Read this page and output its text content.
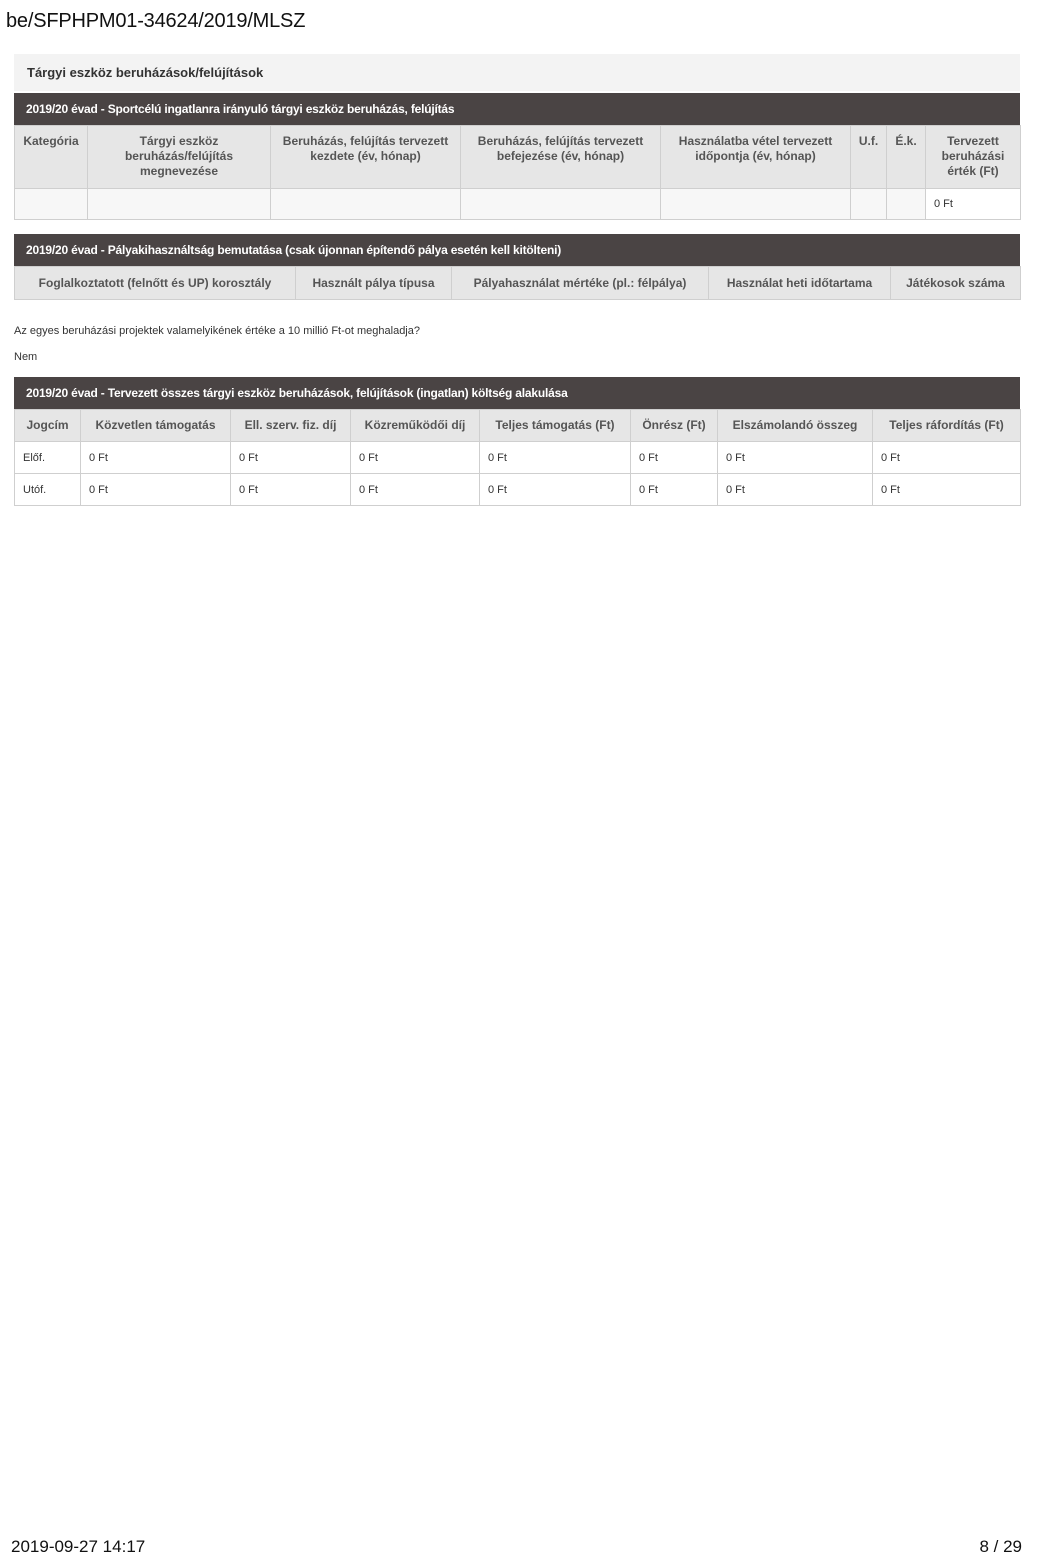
be/SFPHPM01-34624/2019/MLSZ
Tárgyi eszköz beruházások/felújítások
2019/20 évad - Sportcélú ingatlanra irányuló tárgyi eszköz beruházás, felújítás
Kategória	Tárgyi eszköz beruházás/felújítás megnevezése	Beruházás, felújítás tervezett kezdete (év, hónap)	Beruházás, felújítás tervezett befejezése (év, hónap)	Használatba vétel tervezett időpontja (év, hónap)	U.f.	É.k.	Tervezett beruházási érték (Ft)
							0 Ft
2019/20 évad - Pályakihasználtság bemutatása (csak újonnan építendő pálya esetén kell kitölteni)
Foglalkoztatott (felnőtt és UP) korosztály	Használt pálya típusa	Pályahasználat mértéke (pl.: félpálya)	Használat heti időtartama	Játékosok száma
Az egyes beruházási projektek valamelyikének értéke a 10 millió Ft-ot meghaladja?
Nem
2019/20 évad - Tervezett összes tárgyi eszköz beruházások, felújítások (ingatlan) költség alakulása
Jogcím	Közvetlen támogatás	Ell. szerv. fiz. díj	Közreműködői díj	Teljes támogatás (Ft)	Önrész (Ft)	Elszámolandó összeg	Teljes ráfordítás (Ft)
Előf.	0 Ft	0 Ft	0 Ft	0 Ft	0 Ft	0 Ft	0 Ft
Utóf.	0 Ft	0 Ft	0 Ft	0 Ft	0 Ft	0 Ft	0 Ft
2019-09-27 14:17	8 / 29
